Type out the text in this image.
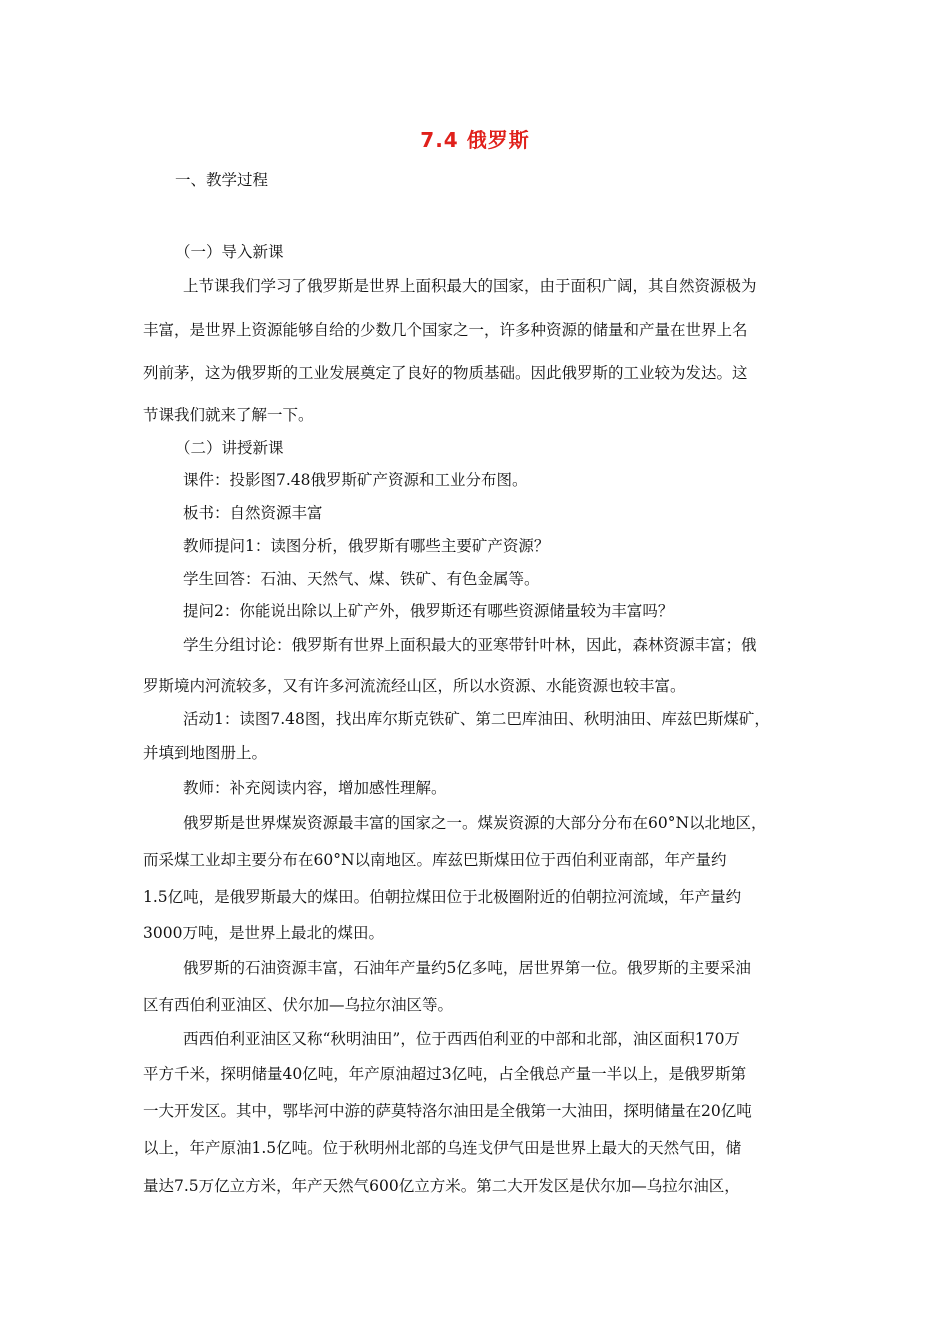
7.4 俄罗斯
一、教学过程
（一）导入新课
上节课我们学习了俄罗斯是世界上面积最大的国家，由于面积广阔，其自然资源极为
丰富，是世界上资源能够自给的少数几个国家之一，许多种资源的储量和产量在世界上名
列前茅，这为俄罗斯的工业发展奠定了良好的物质基础。因此俄罗斯的工业较为发达。这
节课我们就来了解一下。
（二）讲授新课
课件：投影图7.48俄罗斯矿产资源和工业分布图。
板书：自然资源丰富
教师提问1：读图分析，俄罗斯有哪些主要矿产资源？
学生回答：石油、天然气、煤、铁矿、有色金属等。
提问2：你能说出除以上矿产外，俄罗斯还有哪些资源储量较为丰富吗？
学生分组讨论：俄罗斯有世界上面积最大的亚寒带针叶林，因此，森林资源丰富；俄
罗斯境内河流较多，又有许多河流流经山区，所以水资源、水能资源也较丰富。
活动1：读图7.48图，找出库尔斯克铁矿、第二巴库油田、秋明油田、库兹巴斯煤矿，
并填到地图册上。
教师：补充阅读内容，增加感性理解。
俄罗斯是世界煤炭资源最丰富的国家之一。煤炭资源的大部分分布在60°N以北地区，
而采煤工业却主要分布在60°N以南地区。库兹巴斯煤田位于西伯利亚南部，年产量约
1.5亿吨，是俄罗斯最大的煤田。伯朝拉煤田位于北极圈附近的伯朝拉河流域，年产量约
3000万吨，是世界上最北的煤田。
俄罗斯的石油资源丰富，石油年产量约5亿多吨，居世界第一位。俄罗斯的主要采油
区有西伯利亚油区、伏尔加—乌拉尔油区等。
西西伯利亚油区又称“秋明油田”，位于西西伯利亚的中部和北部，油区面积170万
平方千米，探明储量40亿吨，年产原油超过3亿吨，占全俄总产量一半以上，是俄罗斯第
一大开发区。其中，鄂毕河中游的萨莫特洛尔油田是全俄第一大油田，探明储量在20亿吨
以上，年产原油1.5亿吨。位于秋明州北部的乌连戈伊气田是世界上最大的天然气田，储
量达7.5万亿立方米，年产天然气600亿立方米。第二大开发区是伏尔加—乌拉尔油区，
